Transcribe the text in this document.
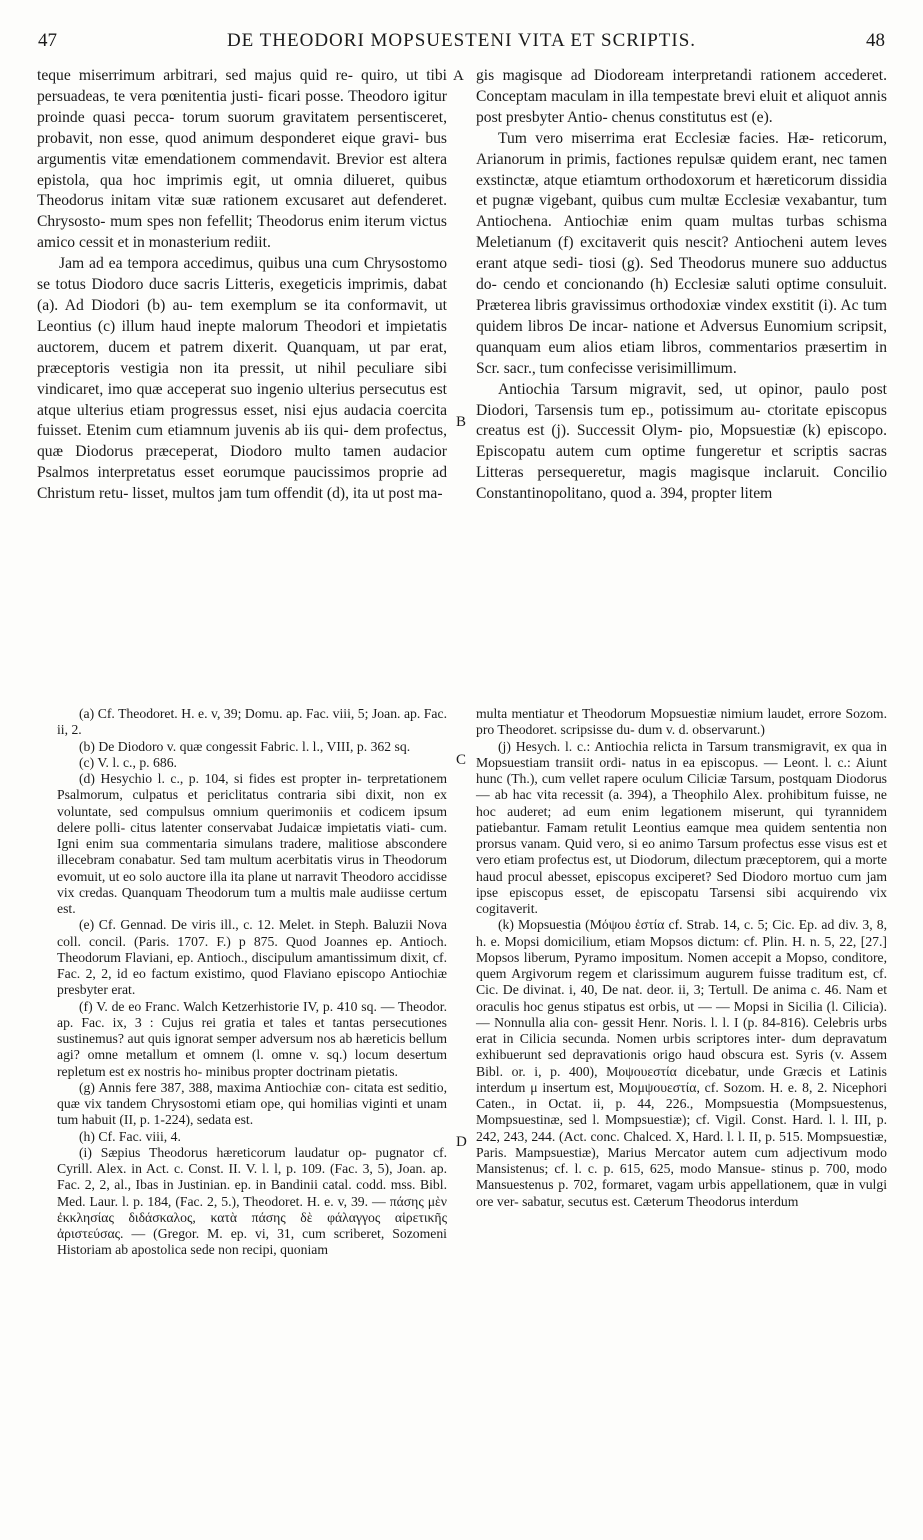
47	DE THEODORI MOPSUESTENI VITA ET SCRIPTIS.	48
A
B
C
D

teque miserrimum arbitrari, sed majus quid re- quiro, ut tibi persuadeas, te vera pœnitentia justi- ficari posse. Theodoro igitur proinde quasi pecca- torum suorum gravitatem persentisceret, probavit, non esse, quod animum desponderet eique gravi- bus argumentis vitæ emendationem commendavit. Brevior est altera epistola, qua hoc imprimis egit, ut omnia dilueret, quibus Theodorus initam vitæ suæ rationem excusaret aut defenderet. Chrysosto- mum spes non fefellit; Theodorus enim iterum victus amico cessit et in monasterium rediit.

Jam ad ea tempora accedimus, quibus una cum Chrysostomo se totus Diodoro duce sacris Litteris, exegeticis imprimis, dabat (a). Ad Diodori (b) au- tem exemplum se ita conformavit, ut Leontius (c) illum haud inepte malorum Theodori et impietatis auctorem, ducem et patrem dixerit. Quanquam, ut par erat, præceptoris vestigia non ita pressit, ut nihil peculiare sibi vindicaret, imo quæ acceperat suo ingenio ulterius persecutus est atque ulterius etiam progressus esset, nisi ejus audacia coercita fuisset. Etenim cum etiamnum juvenis ab iis qui- dem profectus, quæ Diodorus præceperat, Diodoro multo tamen audacior Psalmos interpretatus esset eorumque paucissimos proprie ad Christum retu- lisset, multos jam tum offendit (d), ita ut post ma-

gis magisque ad Diodoream interpretandi rationem accederet. Conceptam maculam in illa tempestate brevi eluit et aliquot annis post presbyter Antio- chenus constitutus est (e).

Tum vero miserrima erat Ecclesiæ facies. Hæ- reticorum, Arianorum in primis, factiones repulsæ quidem erant, nec tamen exstinctæ, atque etiamtum orthodoxorum et hæreticorum dissidia et pugnæ vigebant, quibus cum multæ Ecclesiæ vexabantur, tum Antiochena. Antiochiæ enim quam multas turbas schisma Meletianum (f) excitaverit quis nescit? Antiocheni autem leves erant atque sedi- tiosi (g). Sed Theodorus munere suo adductus do- cendo et concionando (h) Ecclesiæ saluti optime consuluit. Præterea libris gravissimus orthodoxiæ vindex exstitit (i). Ac tum quidem libros De incar- natione et Adversus Eunomium scripsit, quanquam eum alios etiam libros, commentarios præsertim in Scr. sacr., tum confecisse verisimillimum.

Antiochia Tarsum migravit, sed, ut opinor, paulo post Diodori, Tarsensis tum ep., potissimum au- ctoritate episcopus creatus est (j). Successit Olym- pio, Mopsuestiæ (k) episcopo. Episcopatu autem cum optime fungeretur et scriptis sacras Litteras persequeretur, magis magisque inclaruit. Concilio Constantinopolitano, quod a. 394, propter litem

(a) Cf. Theodoret. H. e. v, 39; Domu. ap. Fac. viii, 5; Joan. ap. Fac. ii, 2.

(b) De Diodoro v. quæ congessit Fabric. l. l., VIII, p. 362 sq.

(c) V. l. c., p. 686.

(d) Hesychio l. c., p. 104, si fides est propter in- terpretationem Psalmorum, culpatus et periclitatus contraria sibi dixit, non ex voluntate, sed compulsus omnium querimoniis et codicem ipsum delere polli- citus latenter conservabat Judaicæ impietatis viati- cum. Igni enim sua commentaria simulans tradere, malitiose abscondere illecebram conabatur. Sed tam multum acerbitatis virus in Theodorum evomuit, ut eo solo auctore illa ita plane ut narravit Theodoro accidisse vix credas. Quanquam Theodorum tum a multis male audiisse certum est.

(e) Cf. Gennad. De viris ill., c. 12. Melet. in Steph. Baluzii Nova coll. concil. (Paris. 1707. F.) p 875. Quod Joannes ep. Antioch. Theodorum Flaviani, ep. Antioch., discipulum amantissimum dixit, cf. Fac. 2, 2, id eo factum existimo, quod Flaviano episcopo Antiochiæ presbyter erat.

(f) V. de eo Franc. Walch Ketzerhistorie IV, p. 410 sq. — Theodor. ap. Fac. ix, 3 : Cujus rei gratia et tales et tantas persecutiones sustinemus? aut quis ignorat semper adversum nos ab hæreticis bellum agi? omne metallum et omnem (l. omne v. sq.) locum desertum repletum est ex nostris ho- minibus propter doctrinam pietatis.

(g) Annis fere 387, 388, maxima Antiochiæ con- citata est seditio, quæ vix tandem Chrysostomi etiam ope, qui homilias viginti et unam tum habuit (II, p. 1-224), sedata est.

(h) Cf. Fac. viii, 4.

(i) Sæpius Theodorus hæreticorum laudatur op- pugnator cf. Cyrill. Alex. in Act. c. Const. II. V. l. l, p. 109. (Fac. 3, 5), Joan. ap. Fac. 2, 2, al., Ibas in Justinian. ep. in Bandinii catal. codd. mss. Bibl. Med. Laur. l. p. 184, (Fac. 2, 5.), Theodoret. H. e. v, 39. — πάσης μὲν ἐκκλησίας διδάσκαλος, κατὰ πάσης δὲ φάλαγγος αἱρετικῆς ἀριστεύσας. — (Gregor. M. ep. vi, 31, cum scriberet, Sozomeni Historiam ab apostolica sede non recipi, quoniam

multa mentiatur et Theodorum Mopsuestiæ nimium laudet, errore Sozom. pro Theodoret. scripsisse du- dum v. d. observarunt.)

(j) Hesych. l. c.: Antiochia relicta in Tarsum transmigravit, ex qua in Mopsuestiam transiit ordi- natus in ea episcopus. — Leont. l. c.: Aiunt hunc (Th.), cum vellet rapere oculum Ciliciæ Tarsum, postquam Diodorus — ab hac vita recessit (a. 394), a Theophilo Alex. prohibitum fuisse, ne hoc auderet; ad eum enim legationem miserunt, qui tyrannidem patiebantur. Famam retulit Leontius eamque mea quidem sententia non prorsus vanam. Quid vero, si eo animo Tarsum profectus esse visus est et vero etiam profectus est, ut Diodorum, dilectum præceptorem, qui a morte haud procul abesset, episcopus exciperet? Sed Diodoro mortuo cum jam ipse episcopus esset, de episcopatu Tarsensi sibi acquirendo vix cogitaverit.

(k) Mopsuestia (Μόψου ἑστία cf. Strab. 14, c. 5; Cic. Ep. ad div. 3, 8, h. e. Mopsi domicilium, etiam Mopsos dictum: cf. Plin. H. n. 5, 22, [27.] Mopsos liberum, Pyramo impositum. Nomen accepit a Mopso, conditore, quem Argivorum regem et clarissimum augurem fuisse traditum est, cf. Cic. De divinat. i, 40, De nat. deor. ii, 3; Tertull. De anima c. 46. Nam et oraculis hoc genus stipatus est orbis, ut — — Mopsi in Sicilia (l. Cilicia). — Nonnulla alia con- gessit Henr. Noris. l. l. I (p. 84-816). Celebris urbs erat in Cilicia secunda. Nomen urbis scriptores inter- dum depravatum exhibuerunt sed depravationis origo haud obscura est. Syris (v. Assem Bibl. or. i, p. 400), Μοψουεστία dicebatur, unde Græcis et Latinis interdum μ insertum est, Μομψουεστία, cf. Sozom. H. e. 8, 2. Nicephori Caten., in Octat. ii, p. 44, 226., Mompsuestia (Mompsuestenus, Mompsuestinæ, sed l. Mompsuestiæ); cf. Vigil. Const. Hard. l. l. III, p. 242, 243, 244. (Act. conc. Chalced. X, Hard. l. l. II, p. 515. Mompsuestiæ, Paris. Mampsuestiæ), Marius Mercator autem cum adjectivum modo Mansistenus; cf. l. c. p. 615, 625, modo Mansue- stinus p. 700, modo Mansuestenus p. 702, formaret, vagam urbis appellationem, quæ in vulgi ore ver- sabatur, secutus est. Cæterum Theodorus interdum
